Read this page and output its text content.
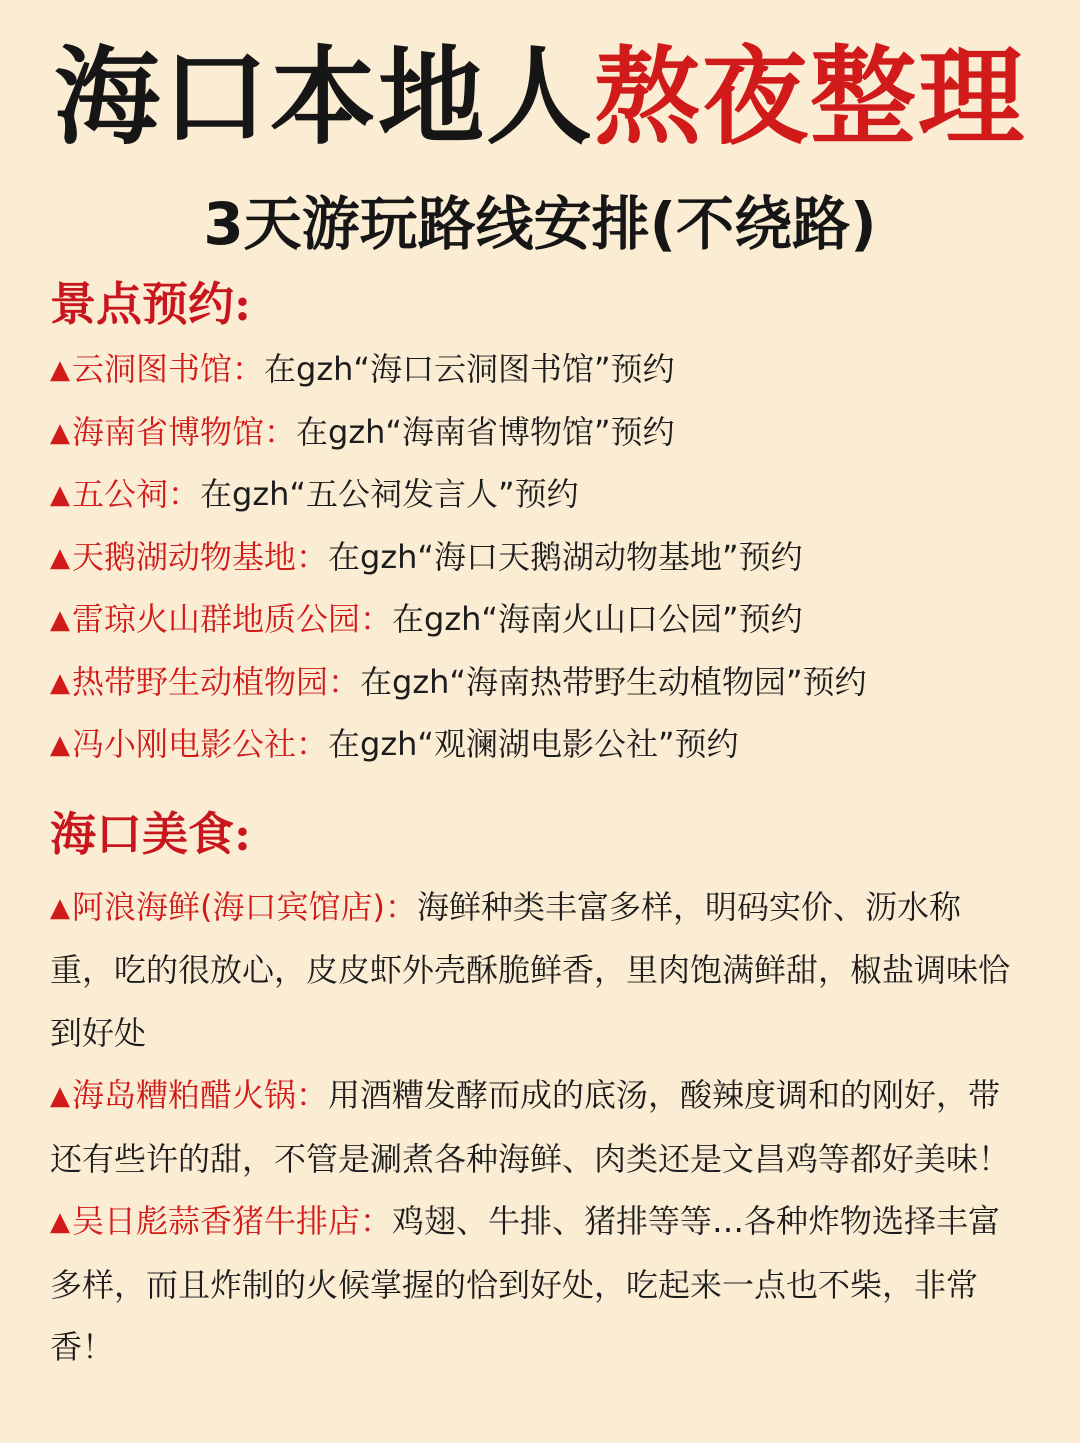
海口本地人熬夜整理
3天游玩路线安排(不绕路)
景点预约:
▲云洞图书馆：在gzh“海口云洞图书馆”预约
▲海南省博物馆：在gzh“海南省博物馆”预约
▲五公祠：在gzh“五公祠发言人”预约
▲天鹅湖动物基地：在gzh“海口天鹅湖动物基地”预约
▲雷琼火山群地质公园：在gzh“海南火山口公园”预约
▲热带野生动植物园：在gzh“海南热带野生动植物园”预约
▲冯小刚电影公社：在gzh“观澜湖电影公社”预约
海口美食:
▲阿浪海鲜(海口宾馆店)：海鲜种类丰富多样，明码实价、沥水称重，吃的很放心，皮皮虾外壳酥脆鲜香，里肉饱满鲜甜，椒盐调味恰到好处
▲海岛糟粕醋火锅：用酒糟发酵而成的底汤，酸辣度调和的刚好，带还有些许的甜，不管是涮煮各种海鲜、肉类还是文昌鸡等都好美味！
▲吴日彪蒜香猪牛排店：鸡翅、牛排、猪排等等…各种炸物选择丰富多样，而且炸制的火候掌握的恰到好处，吃起来一点也不柴，非常香！
